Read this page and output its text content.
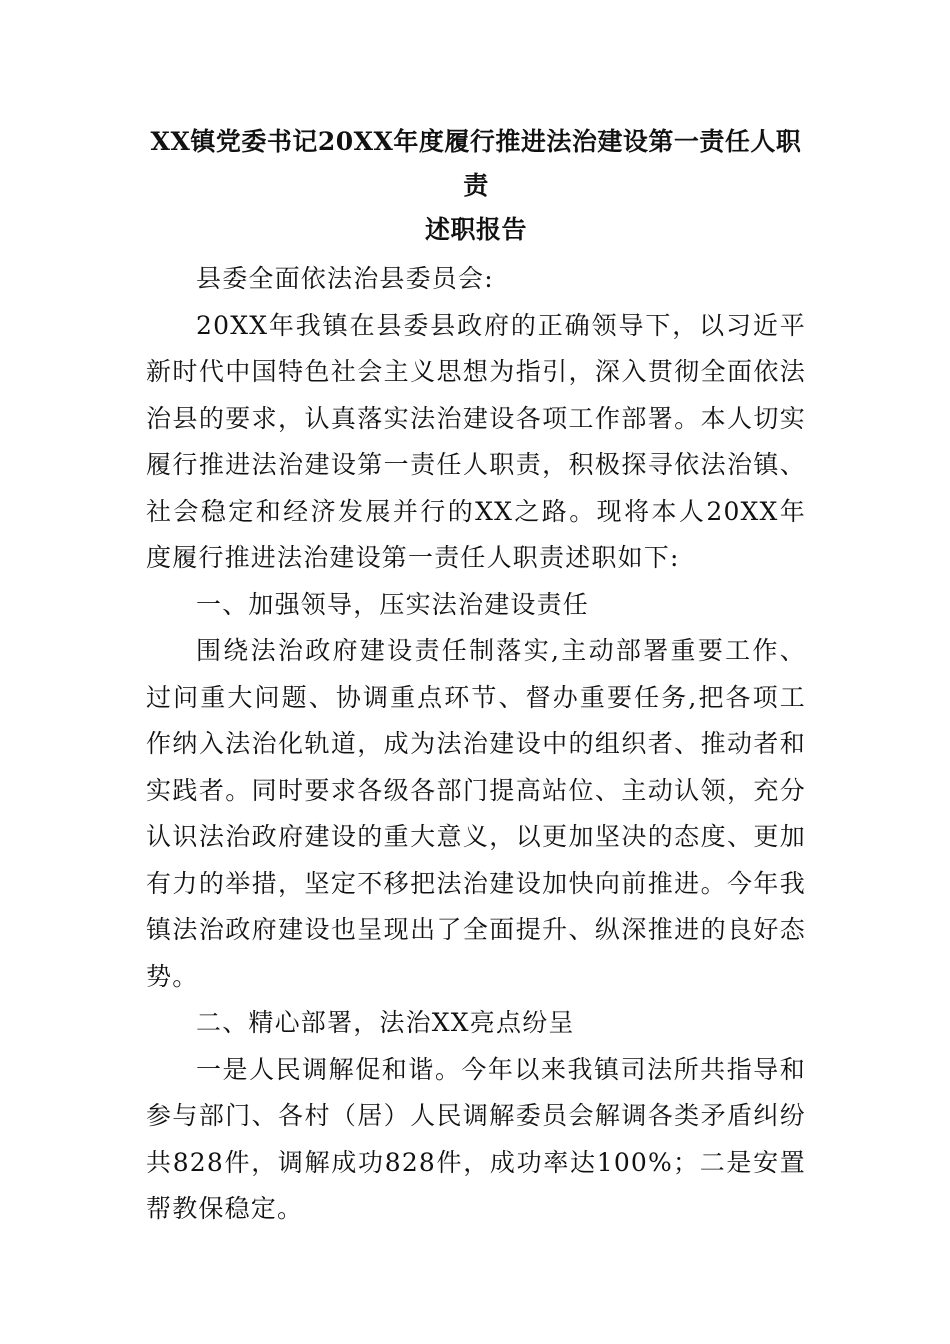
XX镇党委书记20XX年度履行推进法治建设第一责任人职责
述职报告

县委全面依法治县委员会:

20XX年我镇在县委县政府的正确领导下，以习近平新时代中国特色社会主义思想为指引，深入贯彻全面依法治县的要求，认真落实法治建设各项工作部署。本人切实履行推进法治建设第一责任人职责，积极探寻依法治镇、社会稳定和经济发展并行的XX之路。现将本人20XX年度履行推进法治建设第一责任人职责述职如下:

一、加强领导，压实法治建设责任

围绕法治政府建设责任制落实,主动部署重要工作、过问重大问题、协调重点环节、督办重要任务,把各项工作纳入法治化轨道，成为法治建设中的组织者、推动者和实践者。同时要求各级各部门提高站位、主动认领，充分认识法治政府建设的重大意义，以更加坚决的态度、更加有力的举措，坚定不移把法治建设加快向前推进。今年我镇法治政府建设也呈现出了全面提升、纵深推进的良好态势。

二、精心部署，法治XX亮点纷呈

一是人民调解促和谐。今年以来我镇司法所共指导和参与部门、各村（居）人民调解委员会解调各类矛盾纠纷共828件，调解成功828件，成功率达100%；二是安置帮教保稳定。
